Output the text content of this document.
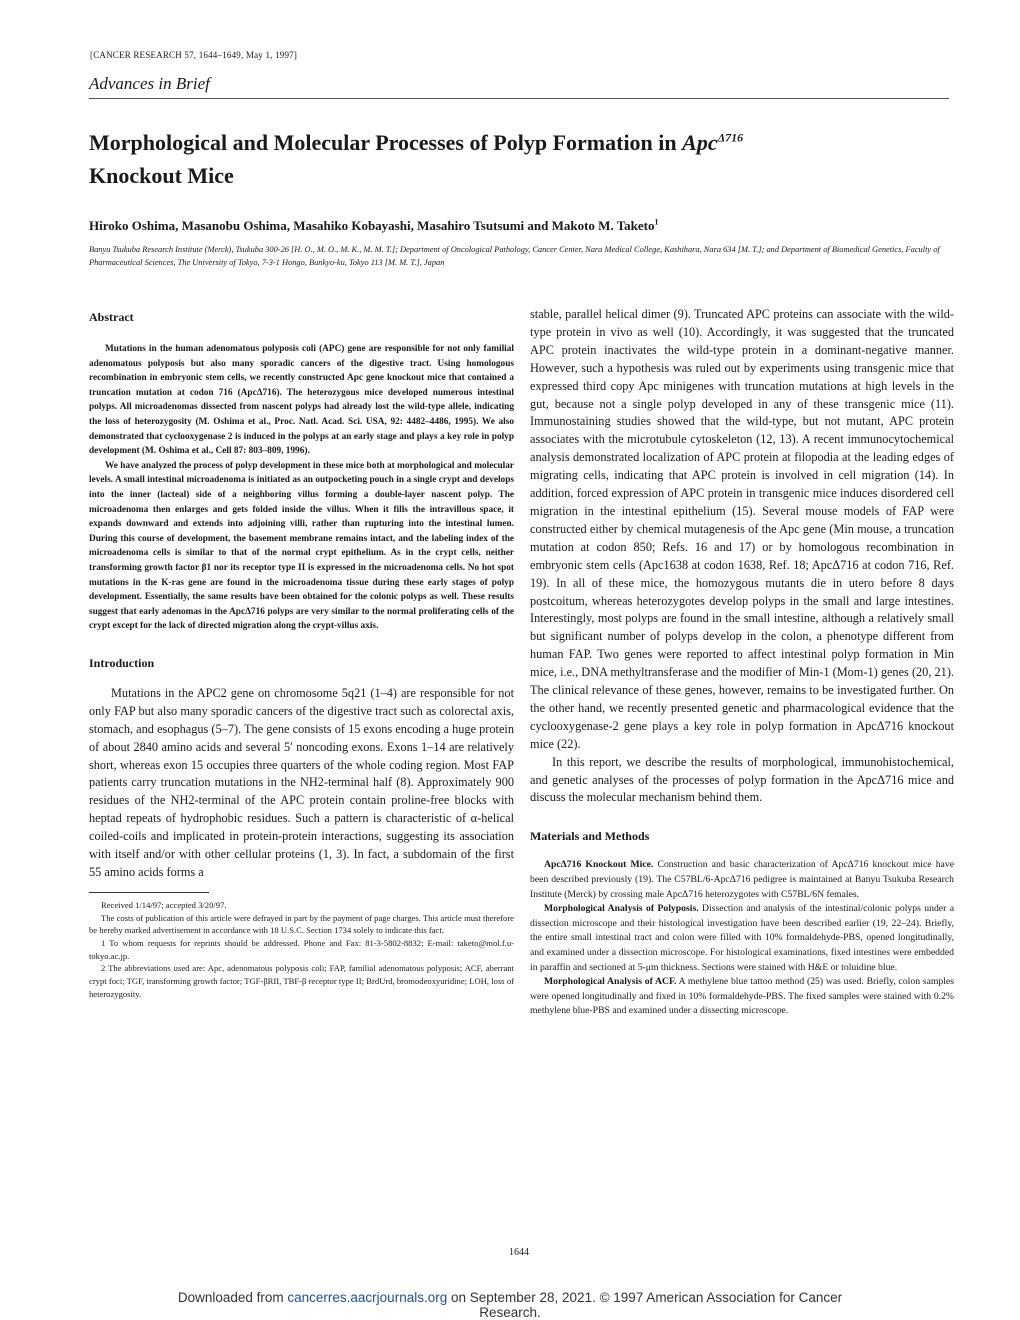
[CANCER RESEARCH 57, 1644–1649, May 1, 1997]
Advances in Brief
Morphological and Molecular Processes of Polyp Formation in Apc$^{\Delta 716}$
Knockout Mice
Hiroko Oshima, Masanobu Oshima, Masahiko Kobayashi, Masahiro Tsutsumi and Makoto M. Taketo$^1$
Banyu Tsukuba Research Institute (Merck), Tsukuba 300-26 [H. O., M. O., M. K., M. M. T.]; Department of Oncological Pathology, Cancer Center, Nara Medical College, Kashihara, Nara 634 [M. T.]; and Department of Biomedical Genetics, Faculty of Pharmaceutical Sciences, The University of Tokyo, 7-3-1 Hongo, Bunkyo-ku, Tokyo 113 [M. M. T.], Japan
Abstract

Mutations in the human adenomatous polyposis coli (APC) gene are responsible for not only familial adenomatous polyposis but also many sporadic cancers of the digestive tract. Using homologous recombination in embryonic stem cells, we recently constructed Apc gene knockout mice that contained a truncation mutation at codon 716 (ApcΔ716). The heterozygous mice developed numerous intestinal polyps. All microadenomas dissected from nascent polyps had already lost the wild-type allele, indicating the loss of heterozygosity (M. Oshima et al., Proc. Natl. Acad. Sci. USA, 92: 4482–4486, 1995). We also demonstrated that cyclooxygenase 2 is induced in the polyps at an early stage and plays a key role in polyp development (M. Oshima et al., Cell 87: 803–809, 1996).

We have analyzed the process of polyp development in these mice both at morphological and molecular levels. A small intestinal microadenoma is initiated as an outpocketing pouch in a single crypt and develops into the inner (lacteal) side of a neighboring villus forming a double-layer nascent polyp. The microadenoma then enlarges and gets folded inside the villus. When it fills the intravillous space, it expands downward and extends into adjoining villi, rather than rupturing into the intestinal lumen. During this course of development, the basement membrane remains intact, and the labeling index of the microadenoma cells is similar to that of the normal crypt epithelium. As in the crypt cells, neither transforming growth factor β1 nor its receptor type II is expressed in the microadenoma cells. No hot spot mutations in the K-ras gene are found in the microadenoma tissue during these early stages of polyp development. Essentially, the same results have been obtained for the colonic polyps as well. These results suggest that early adenomas in the ApcΔ716 polyps are very similar to the normal proliferating cells of the crypt except for the lack of directed migration along the crypt-villus axis.

Introduction

Mutations in the APC2 gene on chromosome 5q21 (1–4) are responsible for not only FAP but also many sporadic cancers of the digestive tract such as colorectal axis, stomach, and esophagus (5–7). The gene consists of 15 exons encoding a huge protein of about 2840 amino acids and several 5′ noncoding exons. Exons 1–14 are relatively short, whereas exon 15 occupies three quarters of the whole coding region. Most FAP patients carry truncation mutations in the NH2-terminal half (8). Approximately 900 residues of the NH2-terminal of the APC protein contain proline-free blocks with heptad repeats of hydrophobic residues. Such a pattern is characteristic of α-helical coiled-coils and implicated in protein-protein interactions, suggesting its association with itself and/or with other cellular proteins (1, 3). In fact, a subdomain of the first 55 amino acids forms a

Received 1/14/97; accepted 3/20/97.

The costs of publication of this article were defrayed in part by the payment of page charges. This article must therefore be hereby marked advertisement in accordance with 18 U.S.C. Section 1734 solely to indicate this fact.

1 To whom requests for reprints should be addressed. Phone and Fax: 81-3-5802-8832; E-mail: taketo@mol.f.u-tokyo.ac.jp.

2 The abbreviations used are: Apc, adenomatous polyposis coli; FAP, familial adenomatous polyposis; ACF, aberrant crypt foci; TGF, transforming growth factor; TGF-βRII, TBF-β receptor type II; BrdUrd, bromodeoxyuridine; LOH, loss of heterozygosity.

stable, parallel helical dimer (9). Truncated APC proteins can associate with the wild-type protein in vivo as well (10). Accordingly, it was suggested that the truncated APC protein inactivates the wild-type protein in a dominant-negative manner. However, such a hypothesis was ruled out by experiments using transgenic mice that expressed third copy Apc minigenes with truncation mutations at high levels in the gut, because not a single polyp developed in any of these transgenic mice (11). Immunostaining studies showed that the wild-type, but not mutant, APC protein associates with the microtubule cytoskeleton (12, 13). A recent immunocytochemical analysis demonstrated localization of APC protein at filopodia at the leading edges of migrating cells, indicating that APC protein is involved in cell migration (14). In addition, forced expression of APC protein in transgenic mice induces disordered cell migration in the intestinal epithelium (15). Several mouse models of FAP were constructed either by chemical mutagenesis of the Apc gene (Min mouse, a truncation mutation at codon 850; Refs. 16 and 17) or by homologous recombination in embryonic stem cells (Apc1638 at codon 1638, Ref. 18; ApcΔ716 at codon 716, Ref. 19). In all of these mice, the homozygous mutants die in utero before 8 days postcoitum, whereas heterozygotes develop polyps in the small and large intestines. Interestingly, most polyps are found in the small intestine, although a relatively small but significant number of polyps develop in the colon, a phenotype different from human FAP. Two genes were reported to affect intestinal polyp formation in Min mice, i.e., DNA methyltransferase and the modifier of Min-1 (Mom-1) genes (20, 21). The clinical relevance of these genes, however, remains to be investigated further. On the other hand, we recently presented genetic and pharmacological evidence that the cyclooxygenase-2 gene plays a key role in polyp formation in ApcΔ716 knockout mice (22).

In this report, we describe the results of morphological, immunohistochemical, and genetic analyses of the processes of polyp formation in the ApcΔ716 mice and discuss the molecular mechanism behind them.

Materials and Methods

ApcΔ716 Knockout Mice. Construction and basic characterization of ApcΔ716 knockout mice have been described previously (19). The C57BL/6-ApcΔ716 pedigree is maintained at Banyu Tsukuba Research Institute (Merck) by crossing male ApcΔ716 heterozygotes with C57BL/6N females.

Morphological Analysis of Polyposis. Dissection and analysis of the intestinal/colonic polyps under a dissection microscope and their histological investigation have been described earlier (19, 22–24). Briefly, the entire small intestinal tract and colon were filled with 10% formaldehyde-PBS, opened longitudinally, and examined under a dissection microscope. For histological examinations, fixed intestines were embedded in paraffin and sectioned at 5-μm thickness. Sections were stained with H&E or toluidine blue.

Morphological Analysis of ACF. A methylene blue tattoo method (25) was used. Briefly, colon samples were opened longitudinally and fixed in 10% formaldehyde-PBS. The fixed samples were stained with 0.2% methylene blue-PBS and examined under a dissecting microscope.

1644
Downloaded from cancerres.aacrjournals.org on September 28, 2021. © 1997 American Association for Cancer
Research.
